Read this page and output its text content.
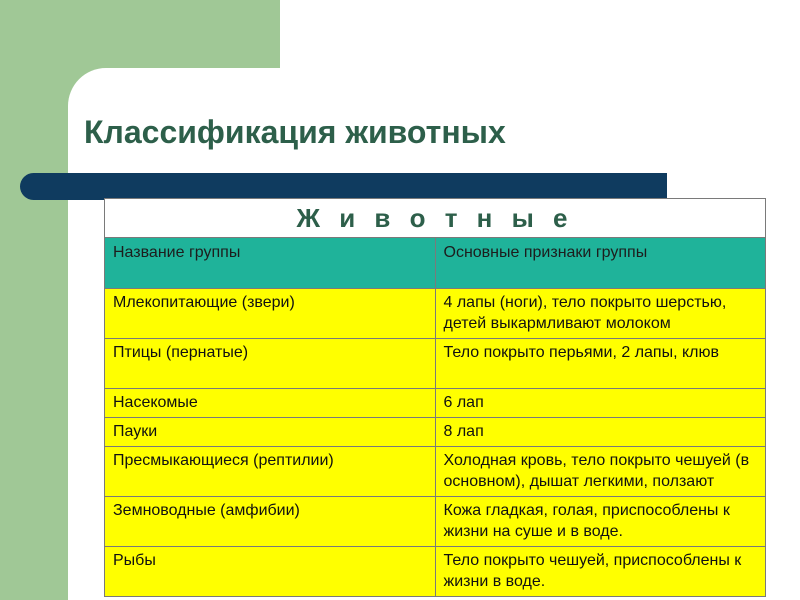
Классификация животных
Ж и в о т н ы е	
Название группы	Основные признаки группы
Млекопитающие (звери)	4 лапы (ноги), тело покрыто шерстью, детей выкармливают молоком
Птицы (пернатые)	Тело покрыто перьями, 2 лапы, клюв
Насекомые	6 лап
Пауки	8 лап
Пресмыкающиеся (рептилии)	Холодная кровь, тело покрыто чешуей (в основном), дышат легкими, ползают
Земноводные (амфибии)	Кожа гладкая, голая, приспособлены к жизни на суше и в воде.
Рыбы	Тело покрыто чешуей, приспособлены к жизни в воде.
